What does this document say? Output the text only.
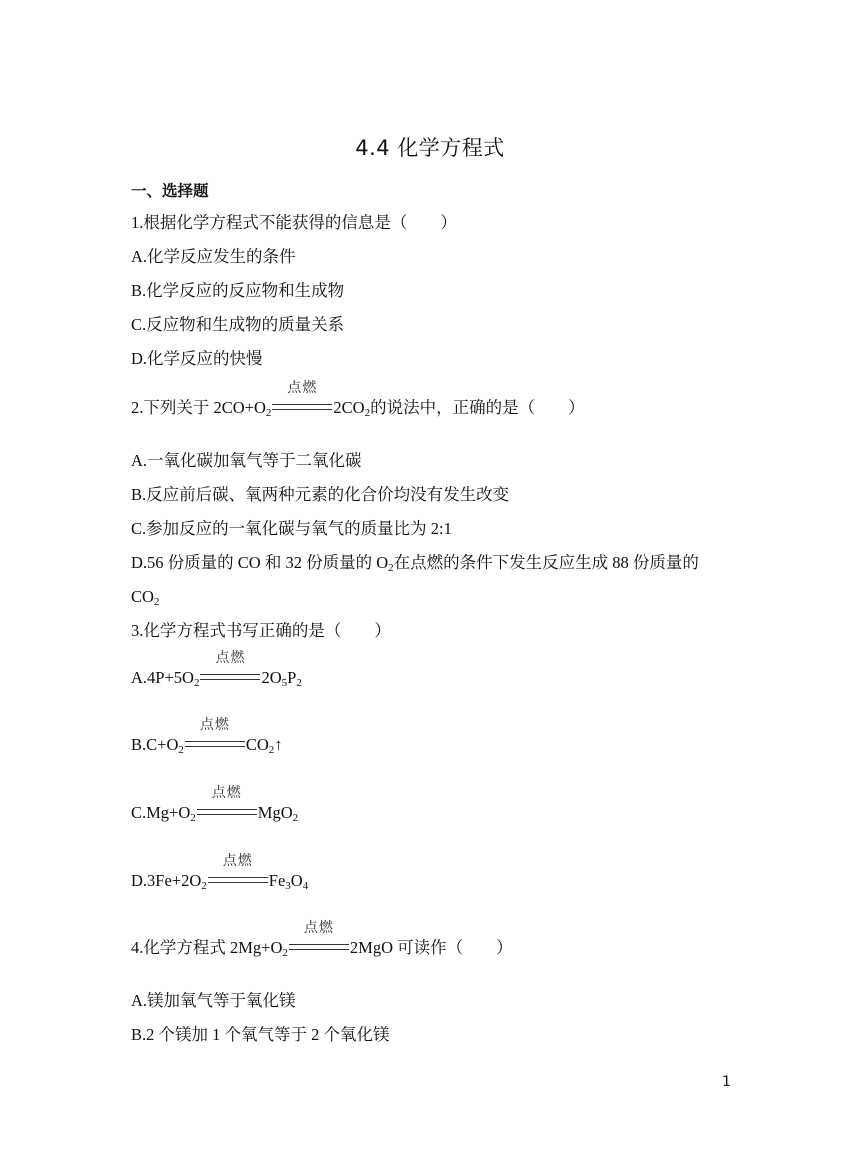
4.4 化学方程式
一、选择题
1.根据化学方程式不能获得的信息是（　　）
A.化学反应发生的条件
B.化学反应的反应物和生成物
C.反应物和生成物的质量关系
D.化学反应的快慢
2.下列关于 $2CO+O_2$
点燃
$2CO_2$的说法中，正确的是（　　）
A.一氧化碳加氧气等于二氧化碳
B.反应前后碳、氧两种元素的化合价均没有发生改变
C.参加反应的一氧化碳与氧气的质量比为 2:1
D.56 份质量的 CO 和 32 份质量的 $O_2$在点燃的条件下发生反应生成 88 份质量的
$CO_2$
3.化学方程式书写正确的是（　　）
$A.4P+5O_2$
点燃
$2O_5P_2$
$B.C+O_2$
点燃
$CO_2↑$
$C.Mg+O_2$
点燃
MgO$_2$
$D.3Fe+2O_2$
点燃
$Fe_3O_4$
4.化学方程式 $2Mg+O_2$
点燃
2MgO 可读作（　　）
A.镁加氧气等于氧化镁
B.2 个镁加 1 个氧气等于 2 个氧化镁
1
